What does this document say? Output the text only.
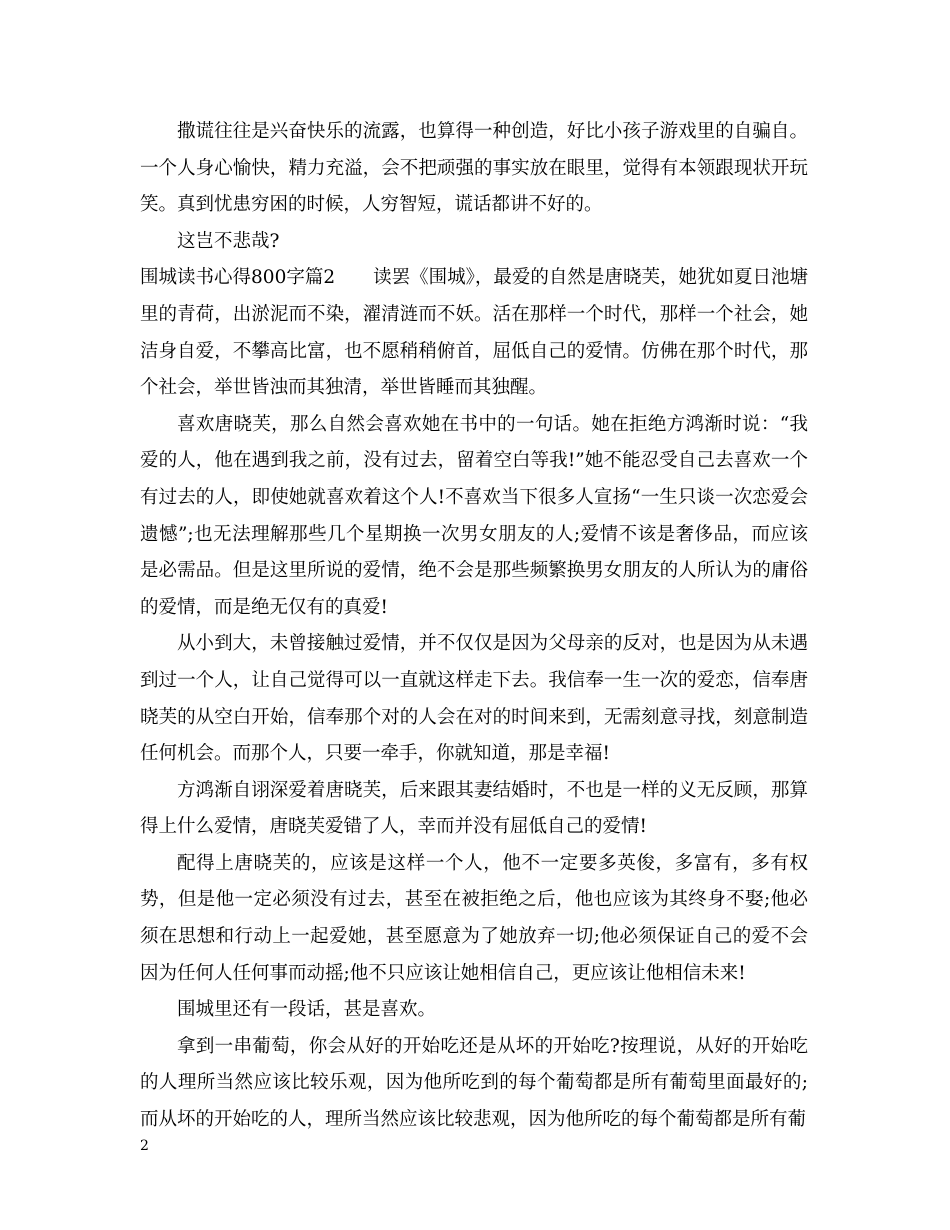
撒谎往往是兴奋快乐的流露，也算得一种创造，好比小孩子游戏里的自骗自。一个人身心愉快，精力充溢，会不把顽强的事实放在眼里，觉得有本领跟现状开玩笑。真到忧患穷困的时候，人穷智短，谎话都讲不好的。

这岂不悲哉?

围城读书心得800字篇2 读罢《围城》，最爱的自然是唐晓芙，她犹如夏日池塘里的青荷，出淤泥而不染，濯清涟而不妖。活在那样一个时代，那样一个社会，她洁身自爱，不攀高比富，也不愿稍稍俯首，屈低自己的爱情。仿佛在那个时代，那个社会，举世皆浊而其独清，举世皆睡而其独醒。

喜欢唐晓芙，那么自然会喜欢她在书中的一句话。她在拒绝方鸿渐时说：“我爱的人，他在遇到我之前，没有过去，留着空白等我!”她不能忍受自己去喜欢一个有过去的人，即使她就喜欢着这个人!不喜欢当下很多人宣扬“一生只谈一次恋爱会遗憾”;也无法理解那些几个星期换一次男女朋友的人;爱情不该是奢侈品，而应该是必需品。但是这里所说的爱情，绝不会是那些频繁换男女朋友的人所认为的庸俗的爱情，而是绝无仅有的真爱!

从小到大，未曾接触过爱情，并不仅仅是因为父母亲的反对，也是因为从未遇到过一个人，让自己觉得可以一直就这样走下去。我信奉一生一次的爱恋，信奉唐晓芙的从空白开始，信奉那个对的人会在对的时间来到，无需刻意寻找，刻意制造任何机会。而那个人，只要一牵手，你就知道，那是幸福!

方鸿渐自诩深爱着唐晓芙，后来跟其妻结婚时，不也是一样的义无反顾，那算得上什么爱情，唐晓芙爱错了人，幸而并没有屈低自己的爱情!

配得上唐晓芙的，应该是这样一个人，他不一定要多英俊，多富有，多有权势，但是他一定必须没有过去，甚至在被拒绝之后，他也应该为其终身不娶;他必须在思想和行动上一起爱她，甚至愿意为了她放弃一切;他必须保证自己的爱不会因为任何人任何事而动摇;他不只应该让她相信自己，更应该让他相信未来!

围城里还有一段话，甚是喜欢。

拿到一串葡萄，你会从好的开始吃还是从坏的开始吃?按理说，从好的开始吃的人理所当然应该比较乐观，因为他所吃到的每个葡萄都是所有葡萄里面最好的;而从坏的开始吃的人，理所当然应该比较悲观，因为他所吃的每个葡萄都是所有葡

2
